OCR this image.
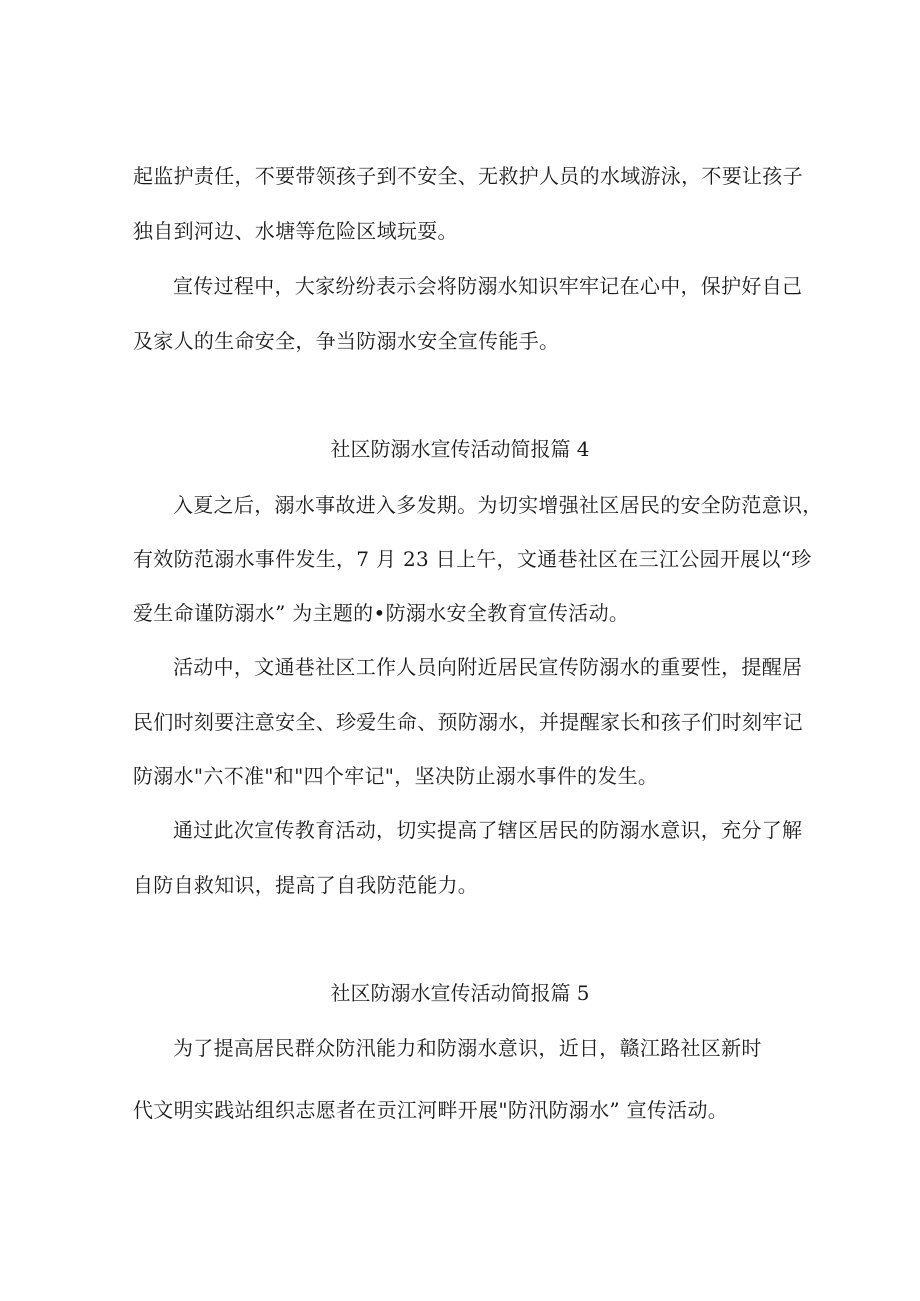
起监护责任，不要带领孩子到不安全、无救护人员的水域游泳，不要让孩子
独自到河边、水塘等危险区域玩耍。
宣传过程中，大家纷纷表示会将防溺水知识牢牢记在心中，保护好自己
及家人的生命安全，争当防溺水安全宣传能手。
社区防溺水宣传活动简报篇 4
入夏之后，溺水事故进入多发期。为切实增强社区居民的安全防范意识，
有效防范溺水事件发生，7 月 23 日上午，文通巷社区在三江公园开展以“珍
爱生命谨防溺水” 为主题的•防溺水安全教育宣传活动。
活动中，文通巷社区工作人员向附近居民宣传防溺水的重要性，提醒居
民们时刻要注意安全、珍爱生命、预防溺水，并提醒家长和孩子们时刻牢记
防溺水"六不准"和"四个牢记"，坚决防止溺水事件的发生。
通过此次宣传教育活动，切实提高了辖区居民的防溺水意识，充分了解
自防自救知识，提高了自我防范能力。
社区防溺水宣传活动简报篇 5
为了提高居民群众防汛能力和防溺水意识，近日，赣江路社区新时
代文明实践站组织志愿者在贡江河畔开展"防汛防溺水” 宣传活动。
